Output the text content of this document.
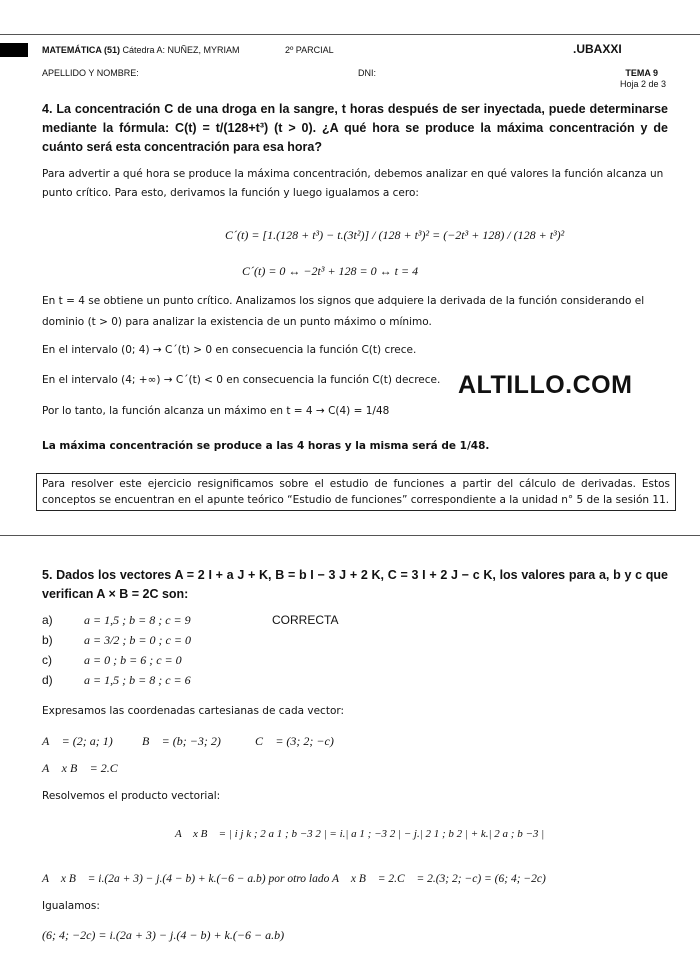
MATEMÁTICA (51) Cátedra A: NUÑEZ, MYRIAM	2º PARCIAL	.UBAXXI
APELLIDO Y NOMBRE:	DNI:	TEMA 9
Hoja 2 de 3
4. La concentración C de una droga en la sangre, t horas después de ser inyectada, puede determinarse mediante la fórmula: C(t) = t/(128+t³) (t > 0). ¿A qué hora se produce la máxima concentración y de cuánto será esta concentración para esa hora?
Para advertir a qué hora se produce la máxima concentración, debemos analizar en qué valores la función alcanza un punto crítico. Para esto, derivamos la función y luego igualamos a cero:
C´(t) = [1.(128 + t³) − t.(3t²)] / (128 + t³)² = (−2t³ + 128) / (128 + t³)²
C´(t) = 0 ↔ −2t³ + 128 = 0 ↔ t = 4
En t = 4 se obtiene un punto crítico. Analizamos los signos que adquiere la derivada de la función considerando el dominio (t > 0) para analizar la existencia de un punto máximo o mínimo.
En el intervalo (0; 4) → C´(t) > 0 en consecuencia la función C(t) crece.
En el intervalo (4; +∞) → C´(t) < 0 en consecuencia la función C(t) decrece. ALTILLO.COM
Por lo tanto, la función alcanza un máximo en t = 4 → C(4) = 1/48
La máxima concentración se produce a las 4 horas y la misma será de 1/48.
Para resolver este ejercicio resignificamos sobre el estudio de funciones a partir del cálculo de derivadas. Estos conceptos se encuentran en el apunte teórico “Estudio de funciones” correspondiente a la unidad n° 5 de la sesión 11.
5. Dados los vectores A = 2 I + a J + K, B = b I − 3 J + 2 K, C = 3 I + 2 J − c K, los valores para a, b y c que verifican A × B = 2C son:
a)	a = 1,5 ; b = 8 ; c = 9	CORRECTA
b)	a = 3/2 ; b = 0 ; c = 0
c)	a = 0 ; b = 6 ; c = 0
d)	a = 1,5 ; b = 8 ; c = 6
Expresamos las coordenadas cartesianas de cada vector:
A⃗ = (2; a; 1) B⃗ = (b; −3; 2)	C⃗ = (3; 2; −c)
A⃗ x B⃗ = 2.C⃗
Resolvemos el producto vectorial:
A⃗ x B⃗ = | i j k ; 2 a 1 ; b −3 2 | = i.| a 1 ; −3 2 | − j.| 2 1 ; b 2 | + k.| 2 a ; b −3 |
A⃗ x B⃗ = i.(2a + 3) − j.(4 − b) + k.(−6 − a.b) por otro lado A⃗ x B⃗ = 2.C⃗ = 2.(3; 2; −c) = (6; 4; −2c)
Igualamos:
(6; 4; −2c) = i.(2a + 3) − j.(4 − b) + k.(−6 − a.b)
